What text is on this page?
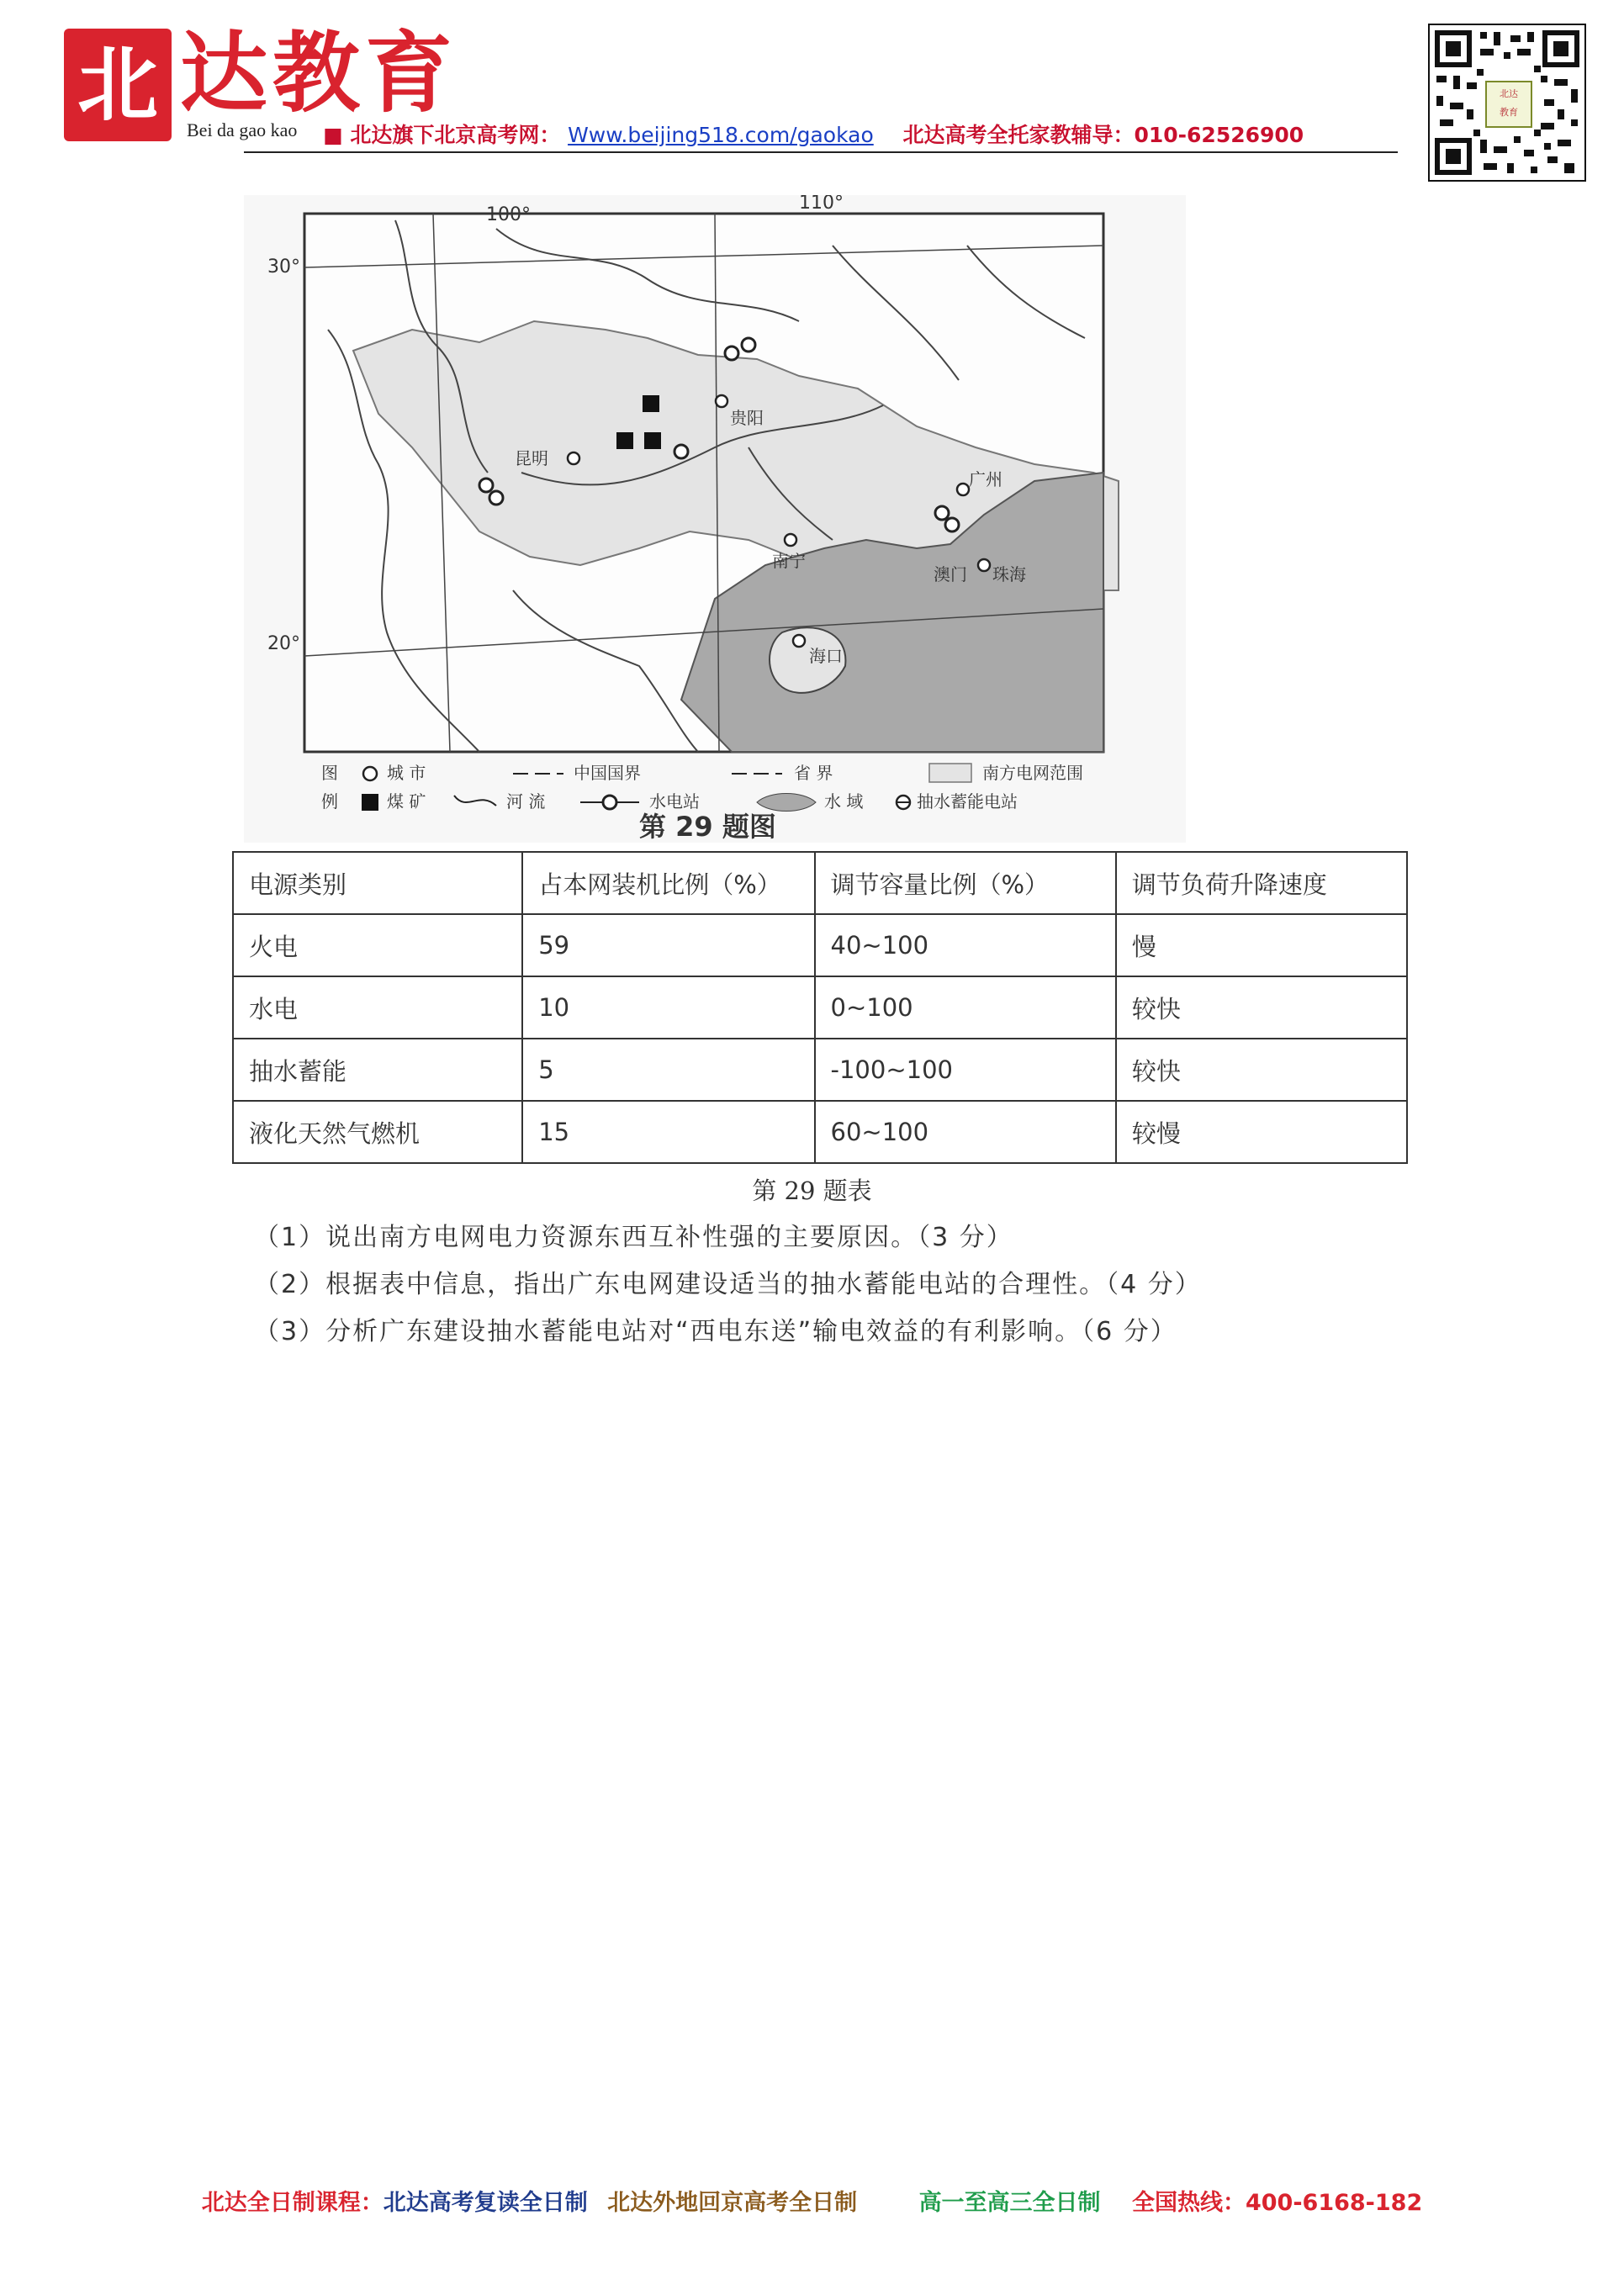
北 达教育
Bei da gao kao ■ 北达旗下北京高考网： Www.beijing518.com/gaokao 北达高考全托家教辅导：010-62526900
北达
教育
100°
110°
30°
20°
昆明
贵阳
南宁
广州
澳门 珠海
海口
图
例
城 市	中国国界	省 界	南方电网范围
煤 矿	河 流	水电站	水 域	抽水蓄能电站
第 29 题图
电源类别	占本网装机比例（%）	调节容量比例（%）	调节负荷升降速度
火电	59	40~100	慢
水电	10	0~100	较快
抽水蓄能	5	-100~100	较快
液化天然气燃机	15	60~100	较慢
第 29 题表
（1）说出南方电网电力资源东西互补性强的主要原因。（3 分）
（2）根据表中信息，指出广东电网建设适当的抽水蓄能电站的合理性。（4 分）
（3）分析广东建设抽水蓄能电站对“西电东送”输电效益的有利影响。（6 分）
北达全日制课程：北达高考复读全日制 北达外地回京高考全日制	高一至高三全日制 全国热线：400-6168-182
